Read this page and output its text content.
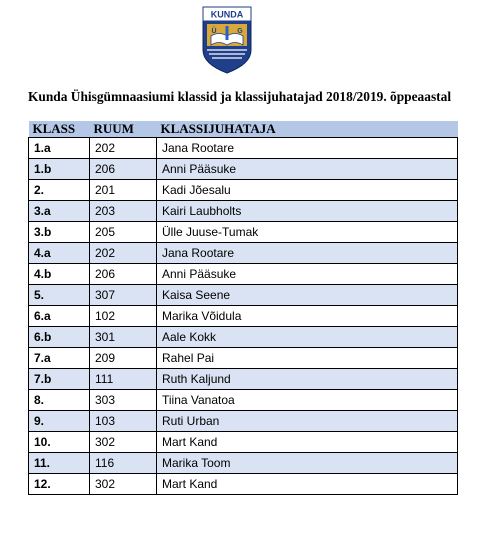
KUNDA
Ü	G
Kunda Ühisgümnaasiumi klassid ja klassijuhatajad 2018/2019. õppeaastal
KLASS	RUUM	KLASSIJUHATAJA
1.a	202	Jana Rootare
1.b	206	Anni Pääsuke
2.	201	Kadi Jõesalu
3.a	203	Kairi Laubholts
3.b	205	Ülle Juuse-Tumak
4.a	202	Jana Rootare
4.b	206	Anni Pääsuke
5.	307	Kaisa Seene
6.a	102	Marika Võidula
6.b	301	Aale Kokk
7.a	209	Rahel Pai
7.b	111	Ruth Kaljund
8.	303	Tiina Vanatoa
9.	103	Ruti Urban
10.	302	Mart Kand
11.	116	Marika Toom
12.	302	Mart Kand
